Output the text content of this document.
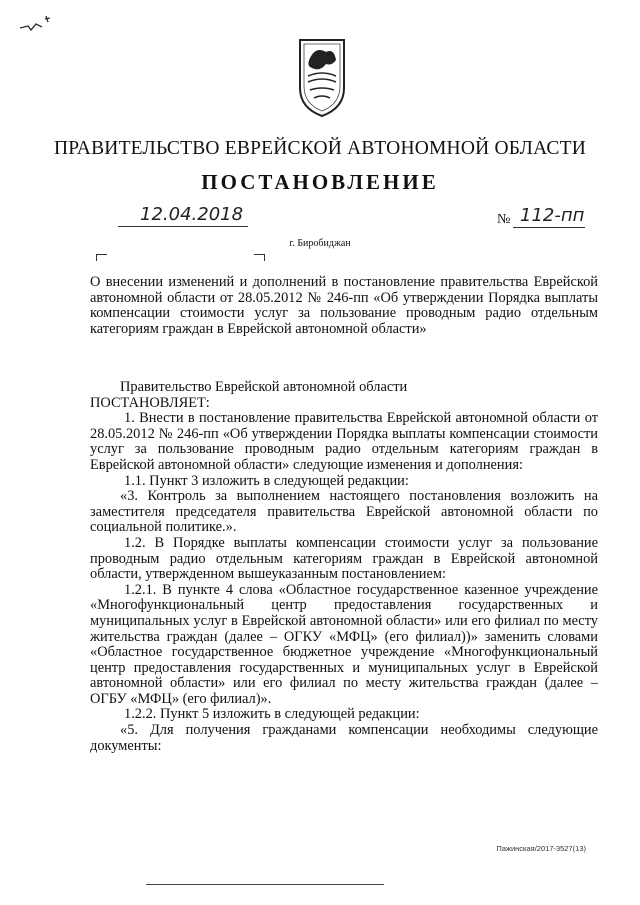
ПРАВИТЕЛЬСТВО ЕВРЕЙСКОЙ АВТОНОМНОЙ ОБЛАСТИ
ПОСТАНОВЛЕНИЕ
12.04.2018	№ 112-пп
г. Биробиджан
О внесении изменений и дополнений в постановление правительства Еврейской автономной области от 28.05.2012 № 246-пп «Об утверждении Порядка выплаты компенсации стоимости услуг за пользование проводным радио отдельным категориям граждан в Еврейской автономной области»

Правительство Еврейской автономной области

ПОСТАНОВЛЯЕТ:

1. Внести в постановление правительства Еврейской автономной области от 28.05.2012 № 246-пп «Об утверждении Порядка выплаты компенсации стоимости услуг за пользование проводным радио отдельным категориям граждан в Еврейской автономной области» следующие изменения и дополнения:

1.1. Пункт 3 изложить в следующей редакции:

«3. Контроль за выполнением настоящего постановления возложить на заместителя председателя правительства Еврейской автономной области по социальной политике.».

1.2. В Порядке выплаты компенсации стоимости услуг за пользование проводным радио отдельным категориям граждан в Еврейской автономной области, утвержденном вышеуказанным постановлением:

1.2.1. В пункте 4 слова «Областное государственное казенное учреждение «Многофункциональный центр предоставления государственных и муниципальных услуг в Еврейской автономной области» или его филиал по месту жительства граждан (далее – ОГКУ «МФЦ» (его филиал))» заменить словами «Областное государственное бюджетное учреждение «Многофункциональный центр предоставления государственных и муниципальных услуг в Еврейской автономной области» или его филиал по месту жительства граждан (далее – ОГБУ «МФЦ» (его филиал)».

1.2.2. Пункт 5 изложить в следующей редакции:

«5. Для получения гражданами компенсации необходимы следующие документы:

Пажинская/2017-3527(13)
